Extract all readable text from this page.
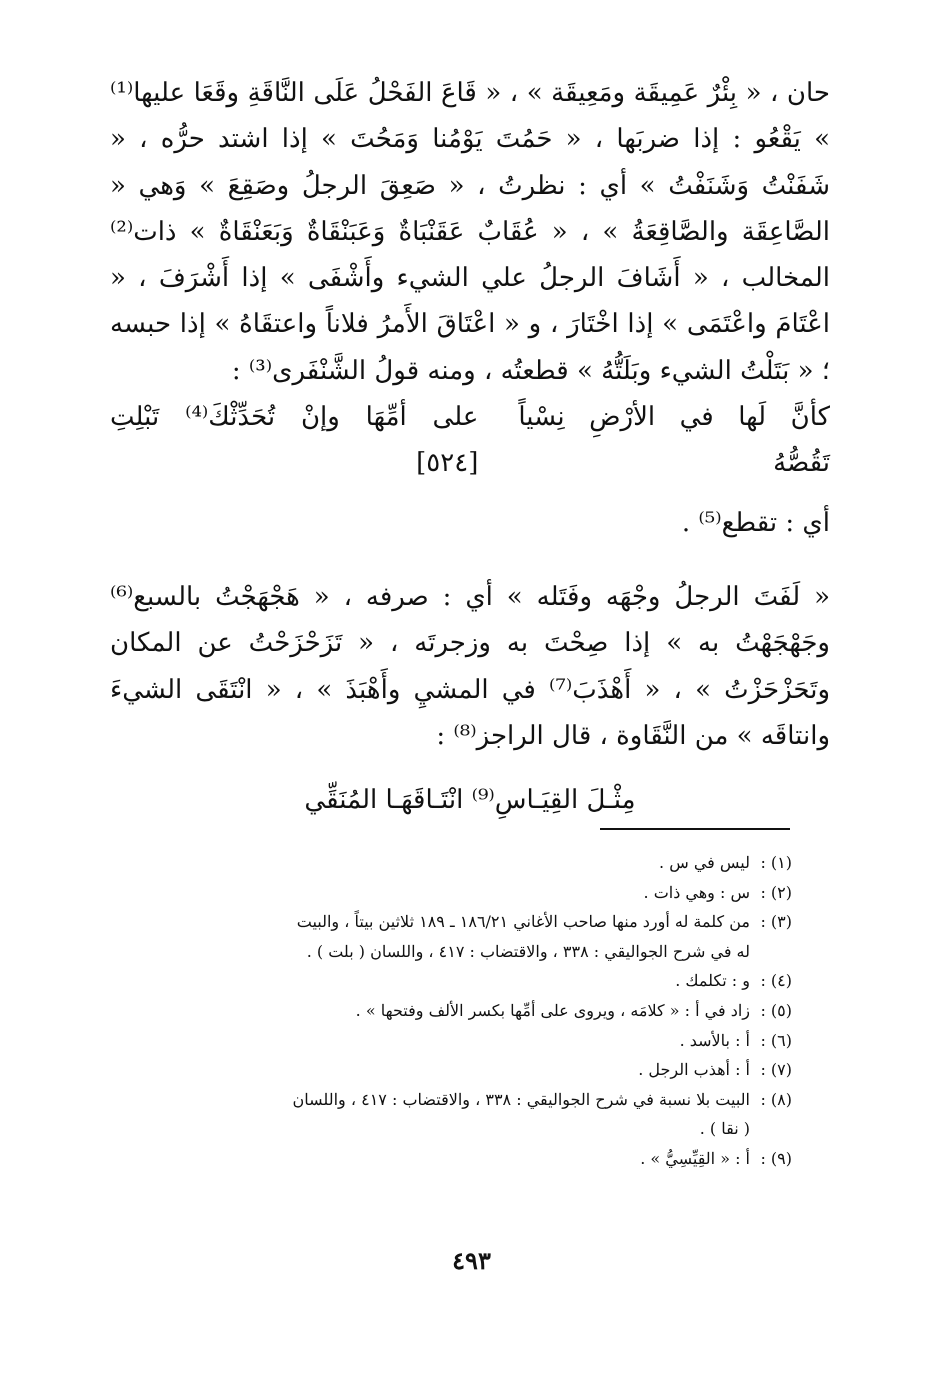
حان ، « بِئْرٌ عَمِيقَة ومَعِيقَة » ، « قَاعَ الفَحْلُ عَلَى النَّاقَةِ وقَعَا عليها⁽¹⁾ » يَقْعُو : إذا ضربَها ، « حَمُتَ يَوْمُنا وَمَحُتَ » إذا اشتد حرُّه ، « شَفَنْتُ وَشَنَفْتُ » أي : نظرتُ ، « صَعِقَ الرجلُ وصَقِعَ » وَهي « الصَّاعِقَة والصَّاقِعَةُ » ، « عُقَابٌ عَقَنْبَاةٌ وَعَبَنْقَاةٌ وَبَعَنْقَاةٌ » ذات⁽²⁾ المخالب ، « أَشَافَ الرجلُ علي الشيء وأَشْفَى » إذا أَشْرَفَ ، « اعْتَامَ واعْتَمَى » إذا اخْتَارَ ، و « اعْتَاقَ الأَمرُ فلاناً واعتقَاهُ » إذا حبسه ؛ « بَتَلْتُ الشيء وبَلَتُّهُ » قطعتُه ، ومنه قولُ الشَّنْفَرى⁽³⁾ :

كأنَّ لَها في الأرْضِ نِسْياً تَقُصُّهُ
على أمِّهَا وإنْ تُحَدِّثْكَ⁽⁴⁾ تَبْلِتِ [٥٢٤]
أي : تقطع⁽⁵⁾ .

« لَفَتَ الرجلُ وجْهَه وفَتَله » أي : صرفه ، « هَجْهَجْتُ بالسبع⁽⁶⁾ وجَهْجَهْتُ به » إذا صِحْتَ به وزجرتَه ، « تَزَحْزَحْتُ عن المكان وتَحَزْحَزْتُ » ، « أَهْذَبَ⁽⁷⁾ في المشيِ وأَهْبَذَ » ، « انْتَقَى الشيءَ وانتاقَه » من النَّقَاوة ، قال الراجز⁽⁸⁾ :

مِثْـلَ القِيَـاسِ⁽⁹⁾ انْتَـاقَهَـا المُنَقِّي
(١) :
ليس في س .
(٢) :
س : وهي ذات .
(٣) :
من كلمة له أورد منها صاحب الأغاني ١٨٦/٢١ ـ ١٨٩ ثلاثين بيتاً ، والبيت
له في شرح الجواليقي : ٣٣٨ ، والاقتضاب : ٤١٧ ، واللسان ( بلت ) .
(٤) :
و : تكلمك .
(٥) :
زاد في أ : « كلامَه ، ويروى على أمِّها بكسر الألف وفتحها » .
(٦) :
أ : بالأسد .
(٧) :
أ : أهذب الرجل .
(٨) :
البيت بلا نسبة في شرح الجواليقي : ٣٣٨ ، والاقتضاب : ٤١٧ ، واللسان
( نقا ) .
(٩) :
أ : « القِيِّسِيُّ » .
٤٩٣
